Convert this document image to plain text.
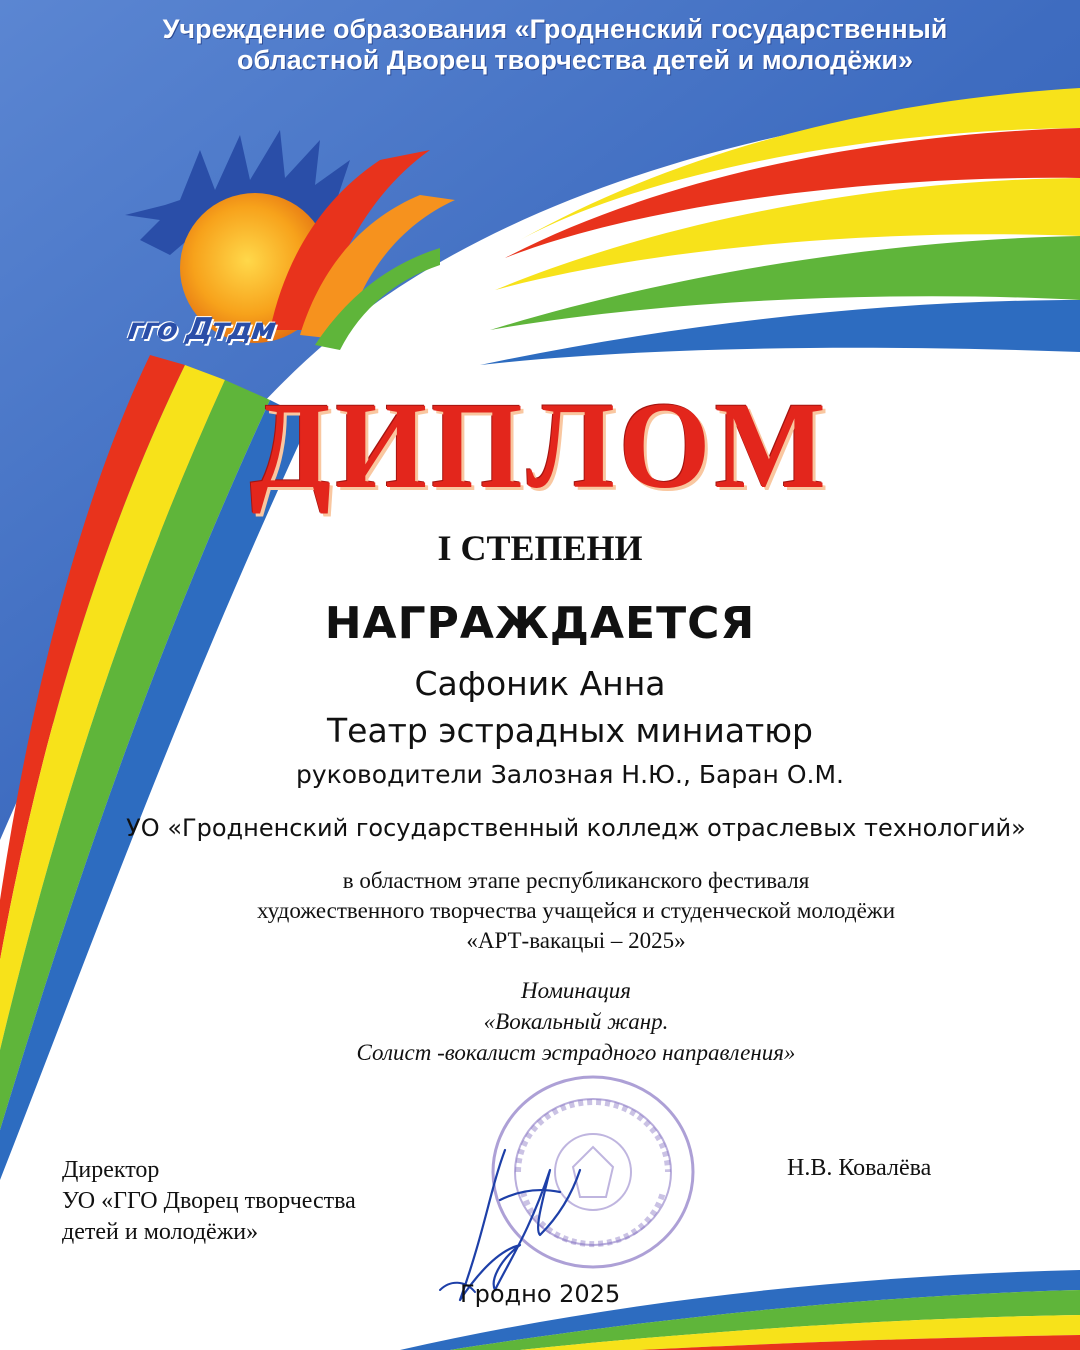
Учреждение образования «Гродненский государственный
областной Дворец творчества детей и молодёжи»
гго Дтдм
ДИПЛОМ
I СТЕПЕНИ
НАГРАЖДАЕТСЯ
Сафоник Анна
Театр эстрадных миниатюр
руководители Залозная Н.Ю., Баран О.М.
УО «Гродненский государственный колледж отраслевых технологий»
в областном этапе республиканского фестиваля
художественного творчества учащейся и студенческой молодёжи
«АРТ-вакацыі – 2025»
Номинация
«Вокальный жанр.
Солист -вокалист эстрадного направления»
Директор
УО «ГГО Дворец творчества
детей и молодёжи»
Н.В. Ковалёва
Гродно 2025
